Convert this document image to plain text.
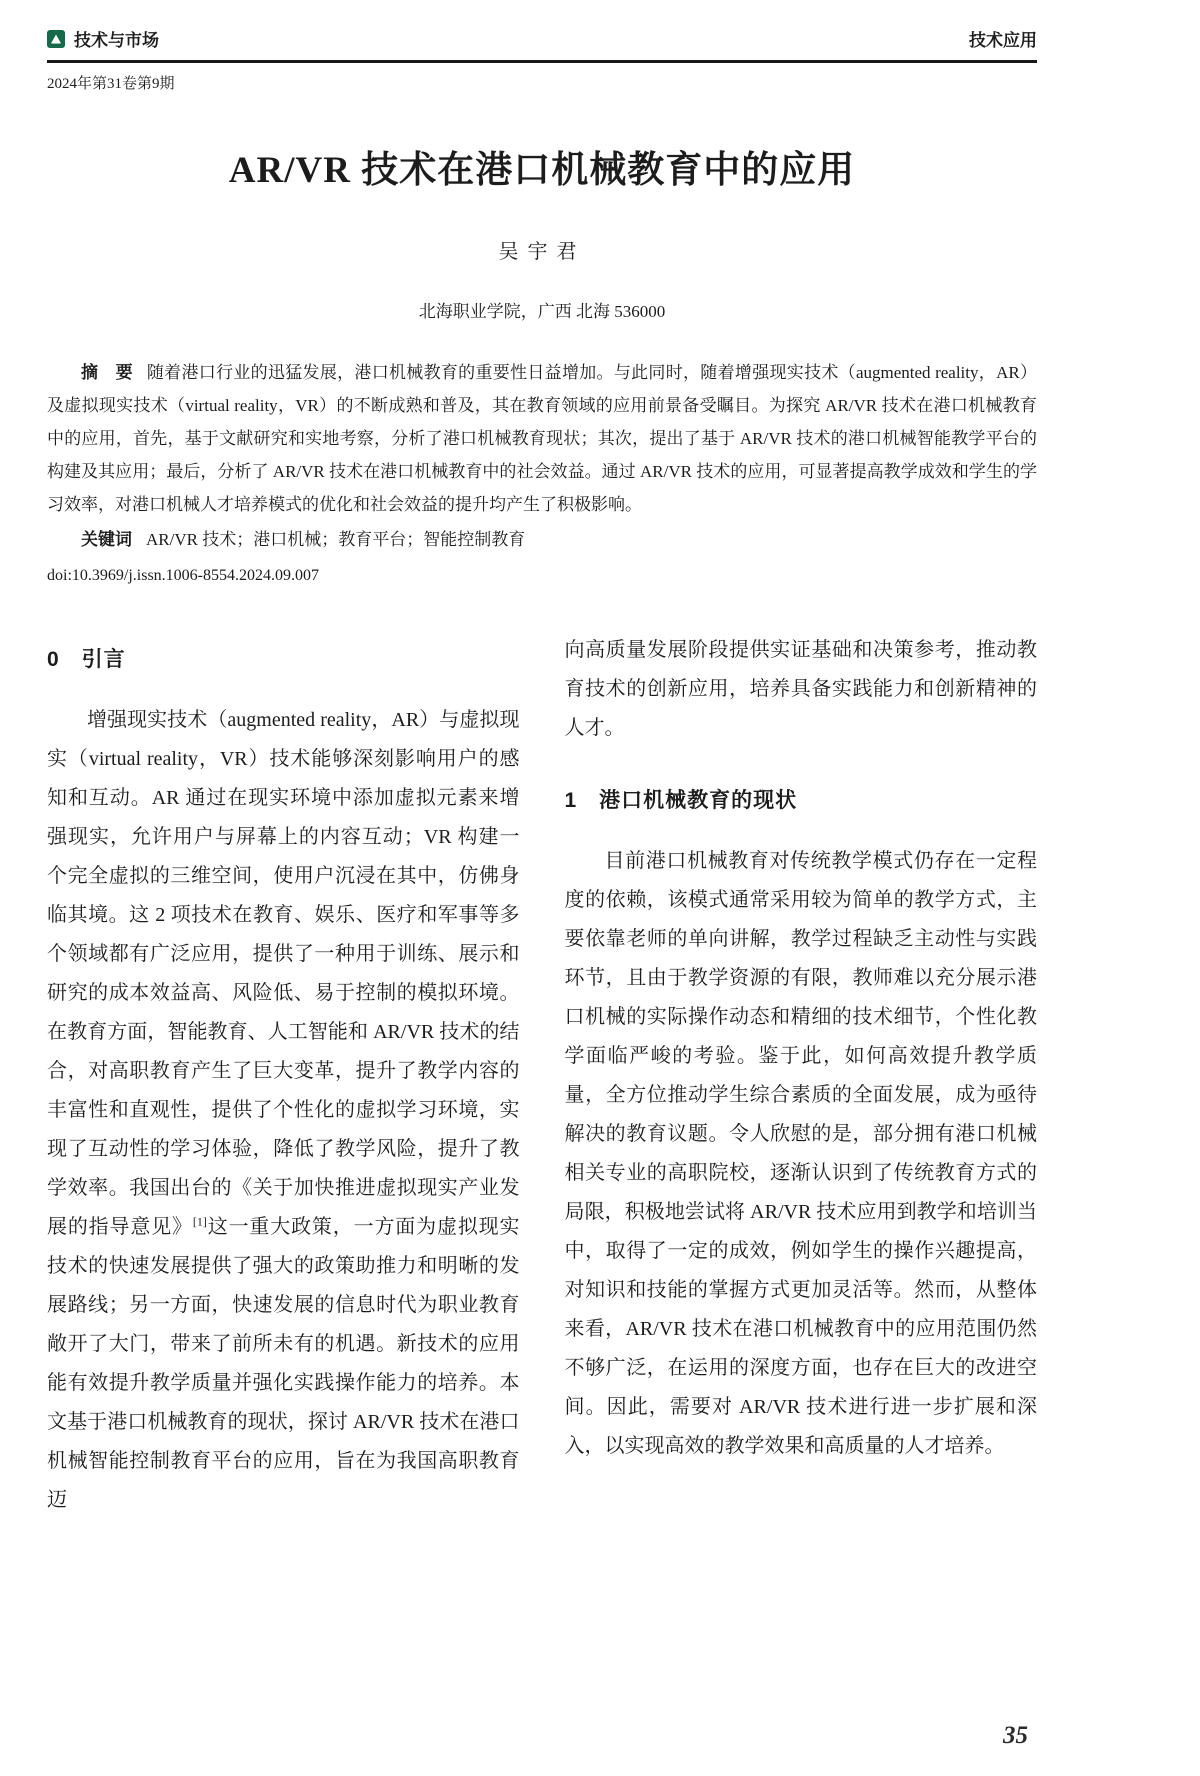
技术与市场	技术应用
2024年第31卷第9期
AR/VR 技术在港口机械教育中的应用
吴宇君
北海职业学院，广西 北海 536000

摘　要 随着港口行业的迅猛发展，港口机械教育的重要性日益增加。与此同时，随着增强现实技术（augmented reality，AR）及虚拟现实技术（virtual reality，VR）的不断成熟和普及，其在教育领域的应用前景备受瞩目。为探究 AR/VR 技术在港口机械教育中的应用，首先，基于文献研究和实地考察，分析了港口机械教育现状；其次，提出了基于 AR/VR 技术的港口机械智能教学平台的构建及其应用；最后，分析了 AR/VR 技术在港口机械教育中的社会效益。通过 AR/VR 技术的应用，可显著提高教学成效和学生的学习效率，对港口机械人才培养模式的优化和社会效益的提升均产生了积极影响。

关键词 AR/VR 技术；港口机械；教育平台；智能控制教育

doi:10.3969/j.issn.1006-8554.2024.09.007

0　引言

增强现实技术（augmented reality，AR）与虚拟现实（virtual reality，VR）技术能够深刻影响用户的感知和互动。AR 通过在现实环境中添加虚拟元素来增强现实，允许用户与屏幕上的内容互动；VR 构建一个完全虚拟的三维空间，使用户沉浸在其中，仿佛身临其境。这 2 项技术在教育、娱乐、医疗和军事等多个领域都有广泛应用，提供了一种用于训练、展示和研究的成本效益高、风险低、易于控制的模拟环境。在教育方面，智能教育、人工智能和 AR/VR 技术的结合，对高职教育产生了巨大变革，提升了教学内容的丰富性和直观性，提供了个性化的虚拟学习环境，实现了互动性的学习体验，降低了教学风险，提升了教学效率。我国出台的《关于加快推进虚拟现实产业发展的指导意见》[1]这一重大政策，一方面为虚拟现实技术的快速发展提供了强大的政策助推力和明晰的发展路线；另一方面，快速发展的信息时代为职业教育敞开了大门，带来了前所未有的机遇。新技术的应用能有效提升教学质量并强化实践操作能力的培养。本文基于港口机械教育的现状，探讨 AR/VR 技术在港口机械智能控制教育平台的应用，旨在为我国高职教育迈

向高质量发展阶段提供实证基础和决策参考，推动教育技术的创新应用，培养具备实践能力和创新精神的人才。

1　港口机械教育的现状

目前港口机械教育对传统教学模式仍存在一定程度的依赖，该模式通常采用较为简单的教学方式，主要依靠老师的单向讲解，教学过程缺乏主动性与实践环节，且由于教学资源的有限，教师难以充分展示港口机械的实际操作动态和精细的技术细节，个性化教学面临严峻的考验。鉴于此，如何高效提升教学质量，全方位推动学生综合素质的全面发展，成为亟待解决的教育议题。令人欣慰的是，部分拥有港口机械相关专业的高职院校，逐渐认识到了传统教育方式的局限，积极地尝试将 AR/VR 技术应用到教学和培训当中，取得了一定的成效，例如学生的操作兴趣提高，对知识和技能的掌握方式更加灵活等。然而，从整体来看，AR/VR 技术在港口机械教育中的应用范围仍然不够广泛，在运用的深度方面，也存在巨大的改进空间。因此，需要对 AR/VR 技术进行进一步扩展和深入，以实现高效的教学效果和高质量的人才培养。

35
